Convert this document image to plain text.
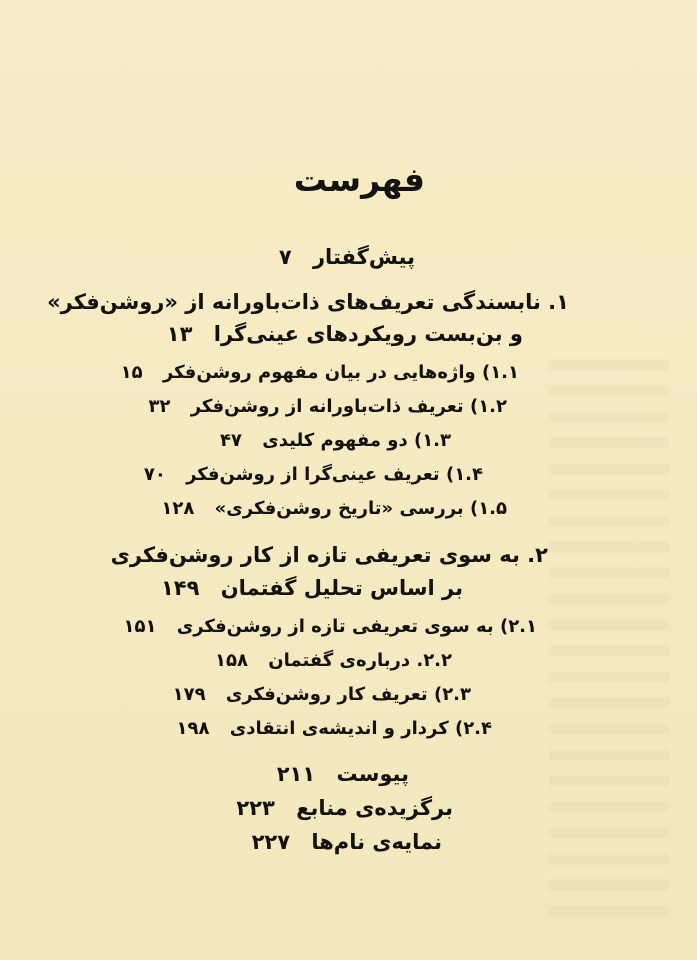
فهرست
پیش‌گفتار ۷
۱. نابسندگی تعریف‌های ذات‌باورانه از «روشن‌فکر»
و بن‌بست رویکردهای عینی‌گرا ۱۳
۱.۱) واژه‌هایی در بیان مفهوم روشن‌فکر ۱۵
۱.۲) تعریف ذات‌باورانه از روشن‌فکر ۳۲
۱.۳) دو مفهوم کلیدی ۴۷
۱.۴) تعریف عینی‌گرا از روشن‌فکر ۷۰
۱.۵) بررسی «تاریخ روشن‌فکری» ۱۲۸
۲. به سوی تعریفی تازه از کار روشن‌فکری
بر اساس تحلیل گفتمان ۱۴۹
۲.۱) به سوی تعریفی تازه از روشن‌فکری ۱۵۱
۲.۲. درباره‌ی گفتمان ۱۵۸
۲.۳) تعریف کار روشن‌فکری ۱۷۹
۲.۴) کردار و اندیشه‌ی انتقادی ۱۹۸
پیوست ۲۱۱
برگزیده‌ی منابع ۲۲۳
نمایه‌ی نام‌ها ۲۲۷
